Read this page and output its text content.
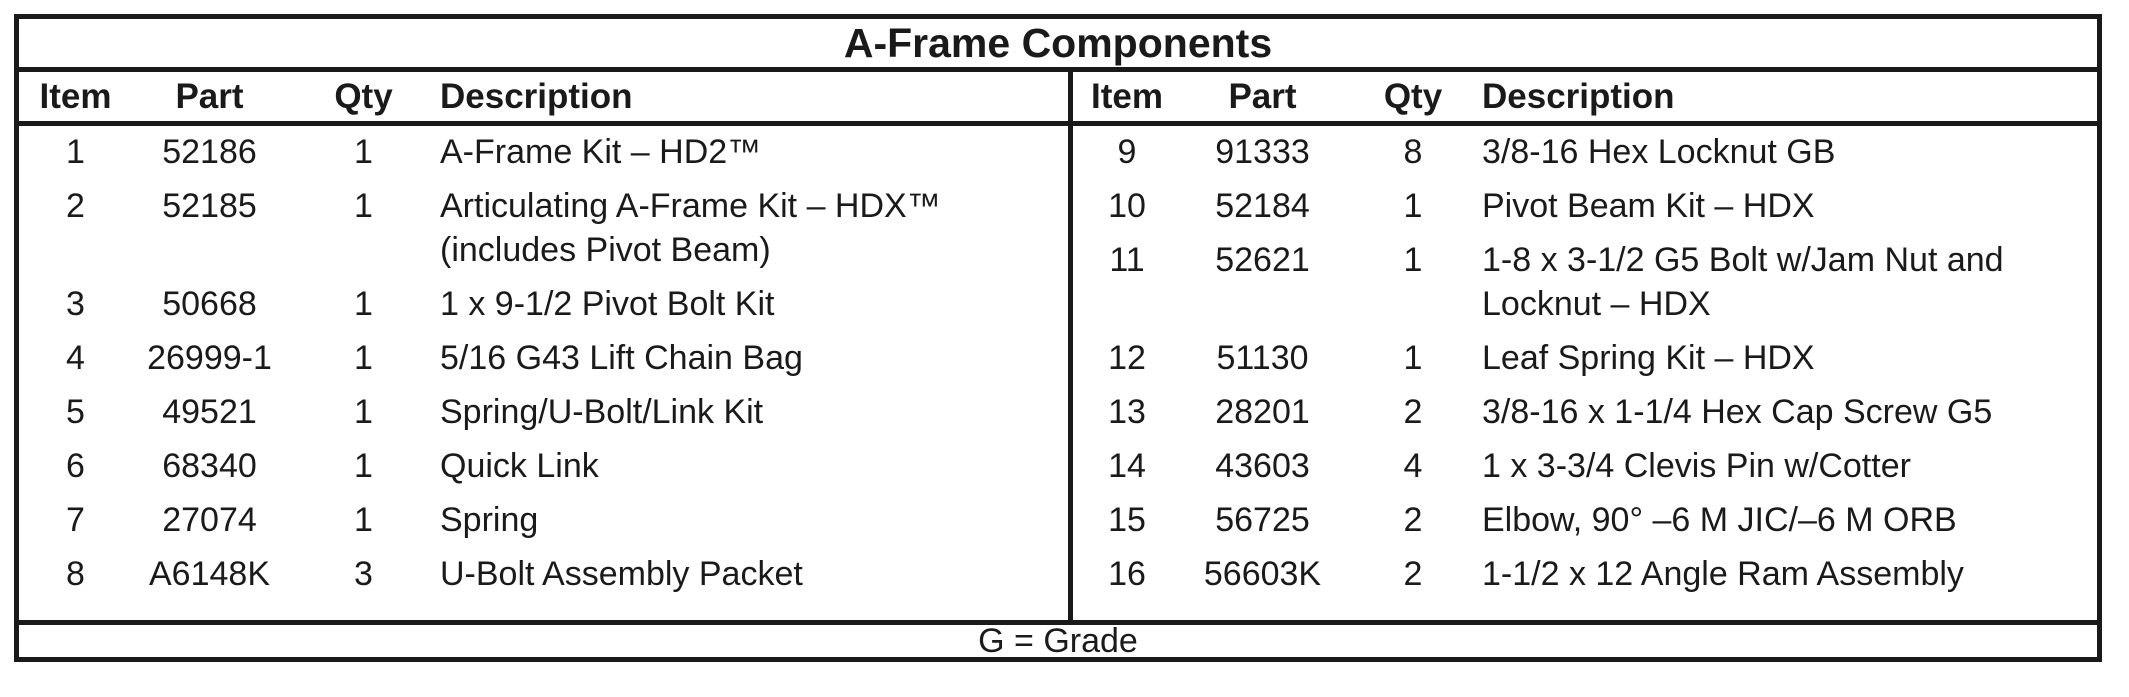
A-Frame Components
Item	Part	Qty	Description
1	52186	1	A-Frame Kit – HD2™
2	52185	1	Articulating A-Frame Kit – HDX™ (includes Pivot Beam)
3	50668	1	1 x 9-1/2 Pivot Bolt Kit
4	26999-1	1	5/16 G43 Lift Chain Bag
5	49521	1	Spring/U-Bolt/Link Kit
6	68340	1	Quick Link
7	27074	1	Spring
8	A6148K	3	U-Bolt Assembly Packet
Item	Part	Qty	Description
9	91333	8	3/8-16 Hex Locknut GB
10	52184	1	Pivot Beam Kit – HDX
11	52621	1	1-8 x 3-1/2 G5 Bolt w/Jam Nut and Locknut – HDX
12	51130	1	Leaf Spring Kit – HDX
13	28201	2	3/8-16 x 1-1/4 Hex Cap Screw G5
14	43603	4	1 x 3-3/4 Clevis Pin w/Cotter
15	56725	2	Elbow, 90° –6 M JIC/–6 M ORB
16	56603K	2	1-1/2 x 12 Angle Ram Assembly
G = Grade
